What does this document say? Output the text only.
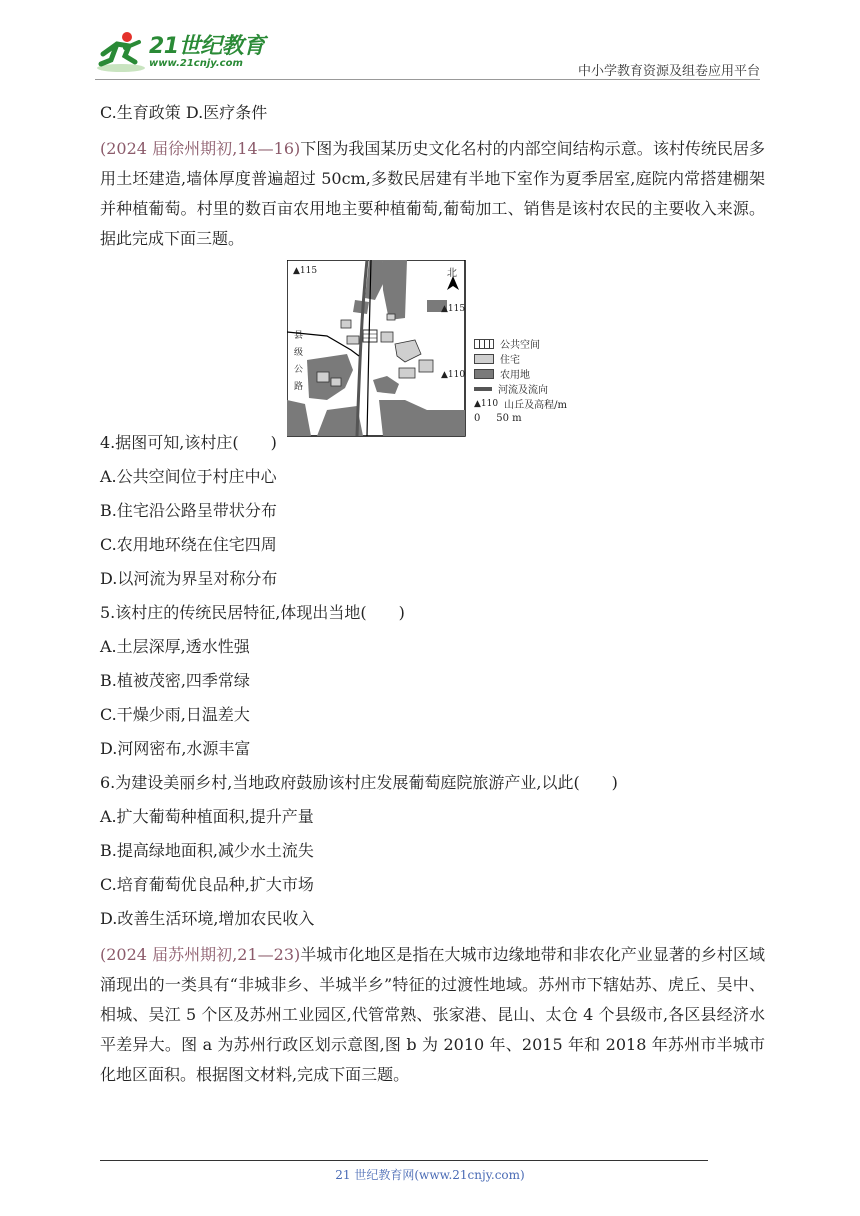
21世纪教育
www.21cnjy.com
中小学教育资源及组卷应用平台
C.生育政策 D.医疗条件
(2024 届徐州期初,14—16)下图为我国某历史文化名村的内部空间结构示意。该村传统民居多用土坯建造,墙体厚度普遍超过 50cm,多数民居建有半地下室作为夏季居室,庭院内常搭建棚架并种植葡萄。村里的数百亩农用地主要种植葡萄,葡萄加工、销售是该村农民的主要收入来源。据此完成下面三题。
▲115
▲115
▲110
北
县级公路
4.据图可知,该村庄(　　)
A.公共空间位于村庄中心
B.住宅沿公路呈带状分布
C.农用地环绕在住宅四周
D.以河流为界呈对称分布
5.该村庄的传统民居特征,体现出当地(　　)
A.土层深厚,透水性强
B.植被茂密,四季常绿
C.干燥少雨,日温差大
D.河网密布,水源丰富
6.为建设美丽乡村,当地政府鼓励该村庄发展葡萄庭院旅游产业,以此(　　)
A.扩大葡萄种植面积,提升产量
B.提高绿地面积,减少水土流失
C.培育葡萄优良品种,扩大市场
D.改善生活环境,增加农民收入
(2024 届苏州期初,21—23)半城市化地区是指在大城市边缘地带和非农化产业显著的乡村区域涌现出的一类具有“非城非乡、半城半乡”特征的过渡性地域。苏州市下辖姑苏、虎丘、吴中、相城、吴江 5 个区及苏州工业园区,代管常熟、张家港、昆山、太仓 4 个县级市,各区县经济水平差异大。图 a 为苏州行政区划示意图,图 b 为 2010 年、2015 年和 2018 年苏州市半城市化地区面积。根据图文材料,完成下面三题。
公共空间
住宅
农用地
河流及流向
▲110 山丘及高程/m
0     50 m
21 世纪教育网(www.21cnjy.com)
